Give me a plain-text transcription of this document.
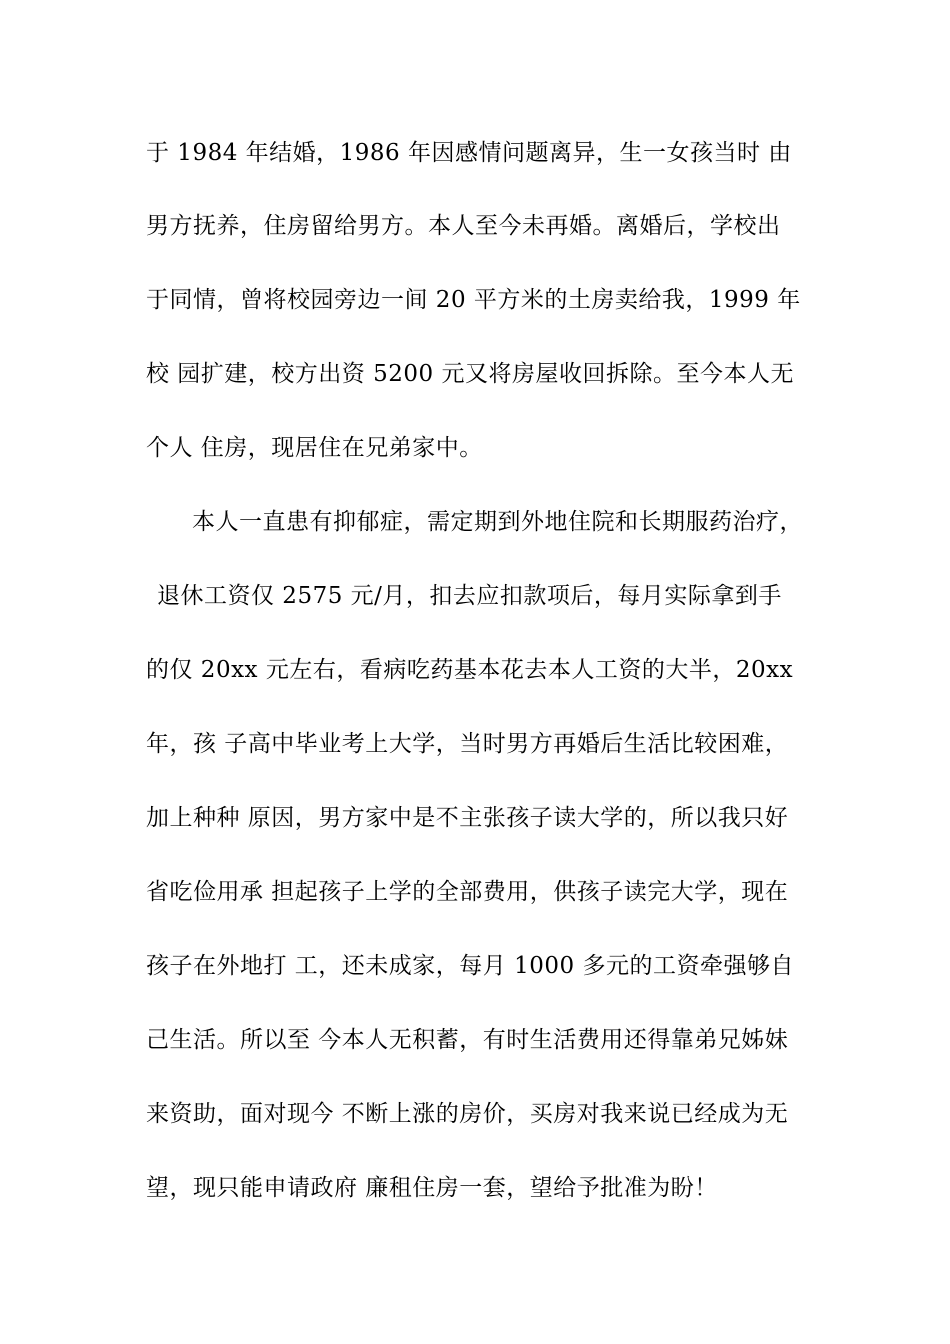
于 1984 年结婚，1986 年因感情问题离异，生一女孩当时 由
男方抚养，住房留给男方。本人至今未再婚。离婚后，学校出
于同情，曾将校园旁边一间 20 平方米的土房卖给我，1999 年
校 园扩建，校方出资 5200 元又将房屋收回拆除。至今本人无
个人 住房，现居住在兄弟家中。
本人一直患有抑郁症，需定期到外地住院和长期服药治疗，
退休工资仅 2575 元/月，扣去应扣款项后，每月实际拿到手
的仅 20xx 元左右，看病吃药基本花去本人工资的大半，20xx
年，孩 子高中毕业考上大学，当时男方再婚后生活比较困难，
加上种种 原因，男方家中是不主张孩子读大学的，所以我只好
省吃俭用承 担起孩子上学的全部费用，供孩子读完大学，现在
孩子在外地打 工，还未成家，每月 1000 多元的工资牵强够自
己生活。所以至 今本人无积蓄，有时生活费用还得靠弟兄姊妹
来资助，面对现今 不断上涨的房价，买房对我来说已经成为无
望，现只能申请政府 廉租住房一套，望给予批准为盼！
